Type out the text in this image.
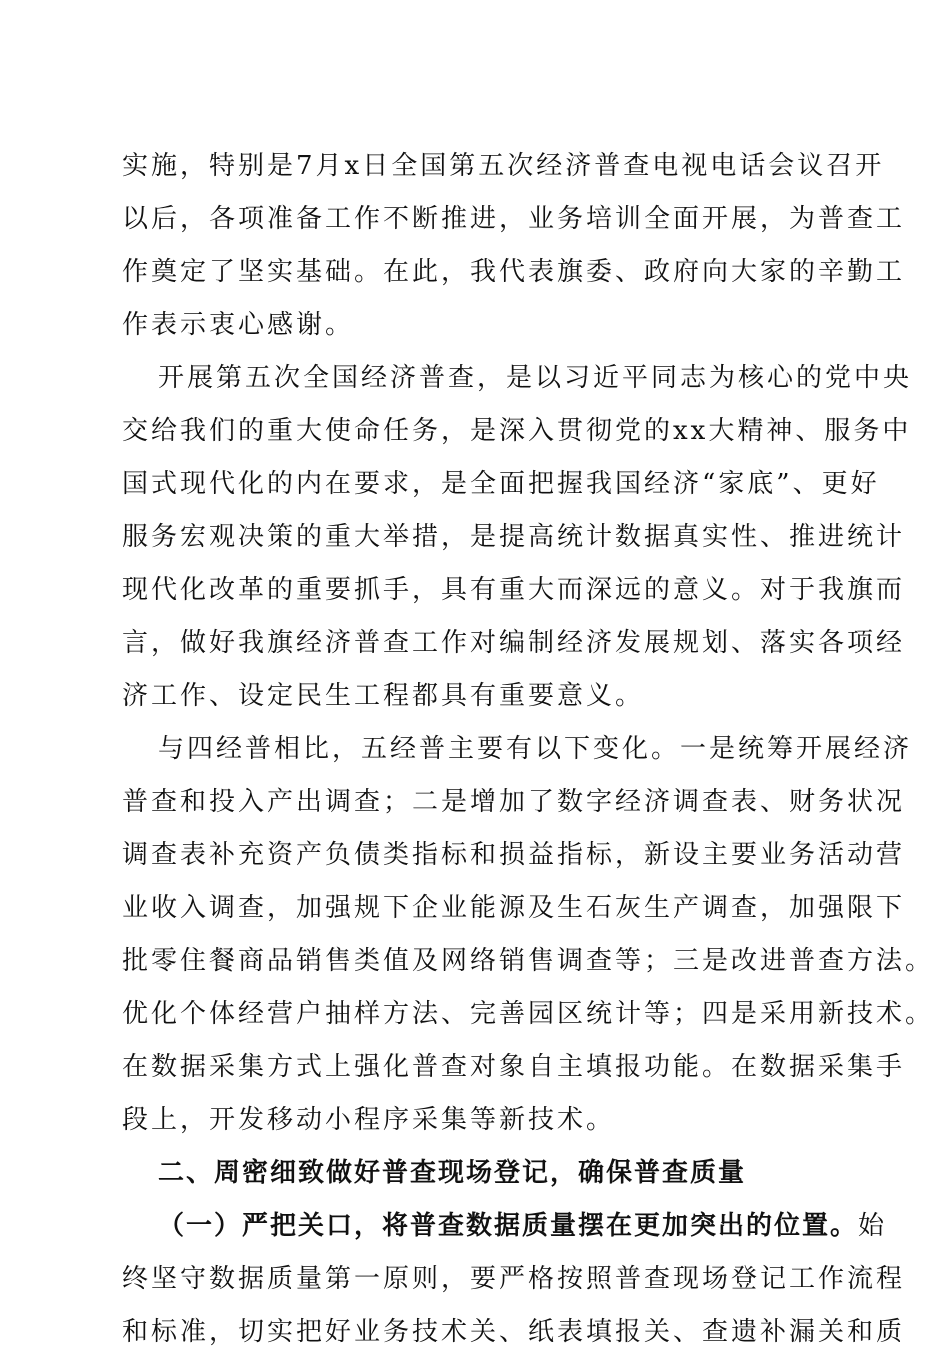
实施，特别是7月x日全国第五次经济普查电视电话会议召开
以后，各项准备工作不断推进，业务培训全面开展，为普查工
作奠定了坚实基础。在此，我代表旗委、政府向大家的辛勤工
作表示衷心感谢。
开展第五次全国经济普查，是以习近平同志为核心的党中央
交给我们的重大使命任务，是深入贯彻党的xx大精神、服务中
国式现代化的内在要求，是全面把握我国经济“家底”、更好
服务宏观决策的重大举措，是提高统计数据真实性、推进统计
现代化改革的重要抓手，具有重大而深远的意义。对于我旗而
言，做好我旗经济普查工作对编制经济发展规划、落实各项经
济工作、设定民生工程都具有重要意义。
与四经普相比，五经普主要有以下变化。一是统筹开展经济
普查和投入产出调查；二是增加了数字经济调查表、财务状况
调查表补充资产负债类指标和损益指标，新设主要业务活动营
业收入调查，加强规下企业能源及生石灰生产调查，加强限下
批零住餐商品销售类值及网络销售调查等；三是改进普查方法。
优化个体经营户抽样方法、完善园区统计等；四是采用新技术。
在数据采集方式上强化普查对象自主填报功能。在数据采集手
段上，开发移动小程序采集等新技术。
二、周密细致做好普查现场登记，确保普查质量
（一）严把关口，将普查数据质量摆在更加突出的位置。始
终坚守数据质量第一原则，要严格按照普查现场登记工作流程
和标准，切实把好业务技术关、纸表填报关、查遗补漏关和质
